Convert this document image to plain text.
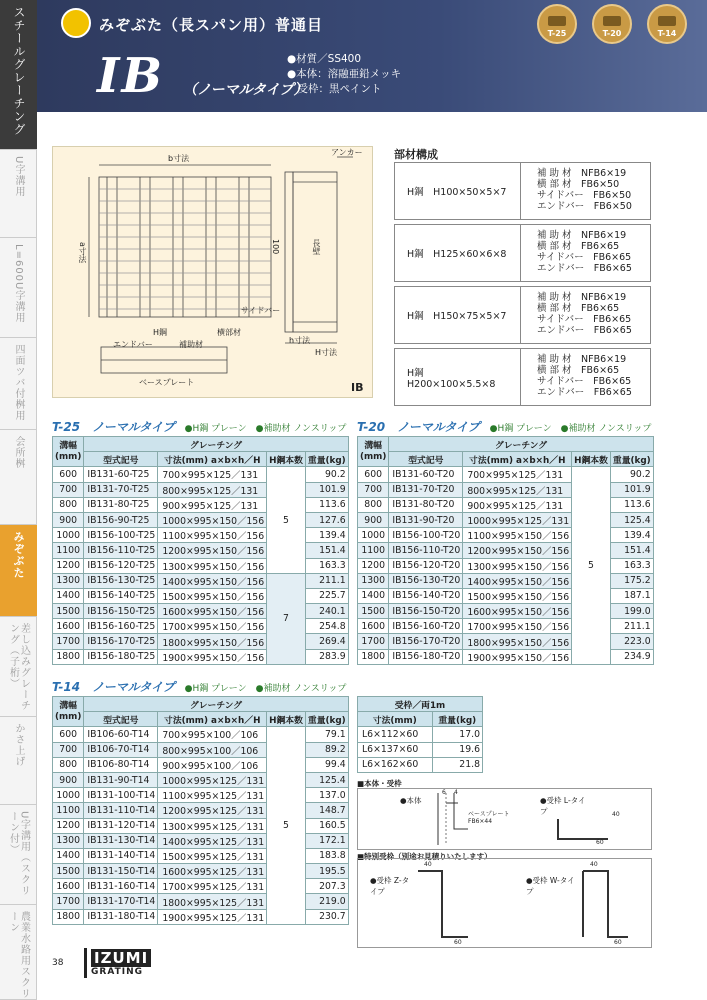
スチールグレーチング
U字溝用
L=600U字溝用
四面ツバ付桝用
会所桝
みぞぶた
差し込みグレーチング（子桁）
かさ上げ
U字溝用（スクリーン付）
農業水路用スクリーン
みぞぶた（長スパン用）普通目
IB （ノーマルタイプ）
●材質／SS400
●本体：溶融亜鉛メッキ
　受枠：黒ペイント
T-25	T-20	T-14
b寸法
a寸法
アンカー
100	長壁
サイドバー
H鋼	横部材
補助材
エンドバー	h寸法
H寸法
ベースプレート	IB
部材構成
H鋼　H100×50×5×7
補 助 材　NFB6×19
横 部 材　FB6×50
サイドバー　FB6×50
エンドバー　FB6×50
H鋼　H125×60×6×8
補 助 材　NFB6×19
横 部 材　FB6×65
サイドバー　FB6×65
エンドバー　FB6×65
H鋼　H150×75×5×7
補 助 材　NFB6×19
横 部 材　FB6×65
サイドバー　FB6×65
エンドバー　FB6×65
H鋼　H200×100×5.5×8
補 助 材　NFB6×19
横 部 材　FB6×65
サイドバー　FB6×65
エンドバー　FB6×65
T-25　ノーマルタイプ ●H鋼 プレーン　●補助材 ノンスリップ
溝幅 (mm)	グレーチング			
	型式記号	寸法(mm) a×b×h／H	H鋼本数	重量(kg)
600	IB131-60-T25	700×995×125／131	5	90.2
700	IB131-70-T25	800×995×125／131		101.9
800	IB131-80-T25	900×995×125／131		113.6
900	IB156-90-T25	1000×995×150／156		127.6
1000	IB156-100-T25	1100×995×150／156		139.4
1100	IB156-110-T25	1200×995×150／156		151.4
1200	IB156-120-T25	1300×995×150／156		163.3
1300	IB156-130-T25	1400×995×150／156	7	211.1
1400	IB156-140-T25	1500×995×150／156		225.7
1500	IB156-150-T25	1600×995×150／156		240.1
1600	IB156-160-T25	1700×995×150／156		254.8
1700	IB156-170-T25	1800×995×150／156		269.4
1800	IB156-180-T25	1900×995×150／156		283.9
T-20　ノーマルタイプ ●H鋼 プレーン　●補助材 ノンスリップ
溝幅 (mm)	グレーチング			
	型式記号	寸法(mm) a×b×h／H	H鋼本数	重量(kg)
600	IB131-60-T20	700×995×125／131	5	90.2
700	IB131-70-T20	800×995×125／131		101.9
800	IB131-80-T20	900×995×125／131		113.6
900	IB131-90-T20	1000×995×125／131		125.4
1000	IB156-100-T20	1100×995×150／156		139.4
1100	IB156-110-T20	1200×995×150／156		151.4
1200	IB156-120-T20	1300×995×150／156		163.3
1300	IB156-130-T20	1400×995×150／156		175.2
1400	IB156-140-T20	1500×995×150／156		187.1
1500	IB156-150-T20	1600×995×150／156		199.0
1600	IB156-160-T20	1700×995×150／156		211.1
1700	IB156-170-T20	1800×995×150／156		223.0
1800	IB156-180-T20	1900×995×150／156		234.9
T-14　ノーマルタイプ ●H鋼 プレーン　●補助材 ノンスリップ
溝幅 (mm)	グレーチング			
	型式記号	寸法(mm) a×b×h／H	H鋼本数	重量(kg)
600	IB106-60-T14	700×995×100／106	5	79.1
700	IB106-70-T14	800×995×100／106		89.2
800	IB106-80-T14	900×995×100／106		99.4
900	IB131-90-T14	1000×995×125／131		125.4
1000	IB131-100-T14	1100×995×125／131		137.0
1100	IB131-110-T14	1200×995×125／131		148.7
1200	IB131-120-T14	1300×995×125／131		160.5
1300	IB131-130-T14	1400×995×125／131		172.1
1400	IB131-140-T14	1500×995×125／131		183.8
1500	IB131-150-T14	1600×995×125／131		195.5
1600	IB131-160-T14	1700×995×125／131		207.3
1700	IB131-170-T14	1800×995×125／131		219.0
1800	IB131-180-T14	1900×995×125／131		230.7
受枠／両1m	
寸法(mm)	重量(kg)
L6×112×60	17.0
L6×137×60	19.6
L6×162×60	21.8
■本体・受枠
●本体
ベースプレート FB6×44
6 4
●受枠 L-タイプ	40
60
■特別受枠（別途お見積りいたします）
●受枠 Z-タイプ
●受枠 W-タイプ
40
60
40
60
38	IZUMI
GRATING
